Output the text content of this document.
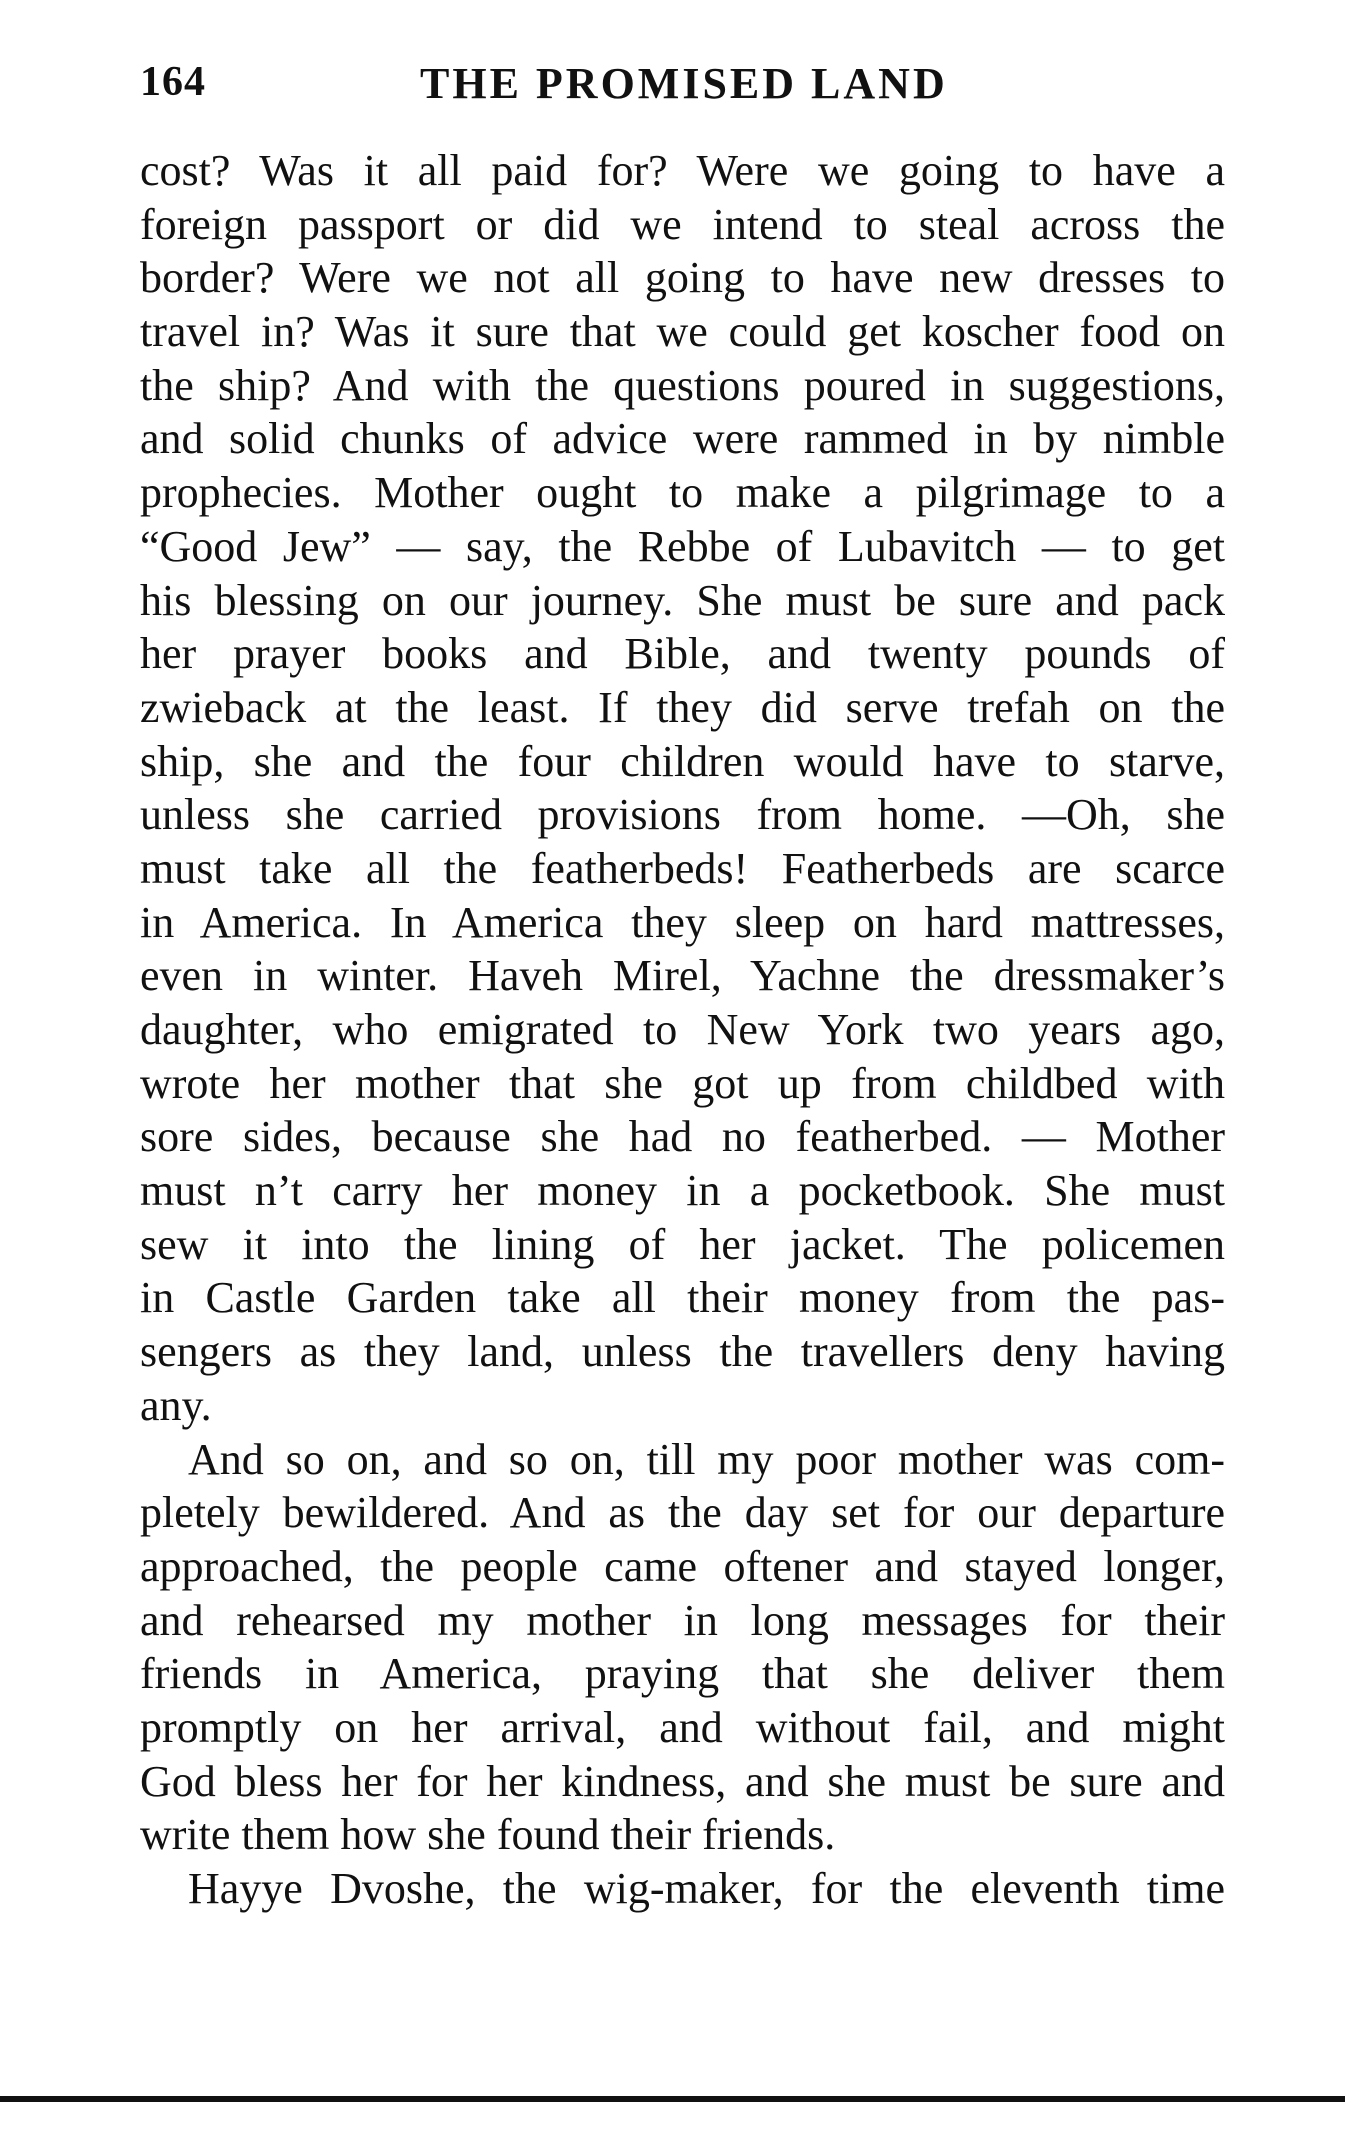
164	THE PROMISED LAND
cost? Was it all paid for? Were we going to have a
foreign passport or did we intend to steal across the
border? Were we not all going to have new dresses to
travel in? Was it sure that we could get koscher food on
the ship? And with the questions poured in suggestions,
and solid chunks of advice were rammed in by nimble
prophecies. Mother ought to make a pilgrimage to a
“Good Jew” — say, the Rebbe of Lubavitch — to get
his blessing on our journey. She must be sure and pack
her prayer books and Bible, and twenty pounds of
zwieback at the least. If they did serve trefah on the
ship, she and the four children would have to starve,
unless she carried provisions from home. —Oh, she
must take all the featherbeds! Featherbeds are scarce
in America. In America they sleep on hard mattresses,
even in winter. Haveh Mirel, Yachne the dressmaker’s
daughter, who emigrated to New York two years ago,
wrote her mother that she got up from childbed with
sore sides, because she had no featherbed. — Mother
must n’t carry her money in a pocketbook. She must
sew it into the lining of her jacket. The policemen
in Castle Garden take all their money from the pas-
sengers as they land, unless the travellers deny having
any.
And so on, and so on, till my poor mother was com-
pletely bewildered. And as the day set for our departure
approached, the people came oftener and stayed longer,
and rehearsed my mother in long messages for their
friends in America, praying that she deliver them
promptly on her arrival, and without fail, and might
God bless her for her kindness, and she must be sure and
write them how she found their friends.
Hayye Dvoshe, the wig-maker, for the eleventh time
